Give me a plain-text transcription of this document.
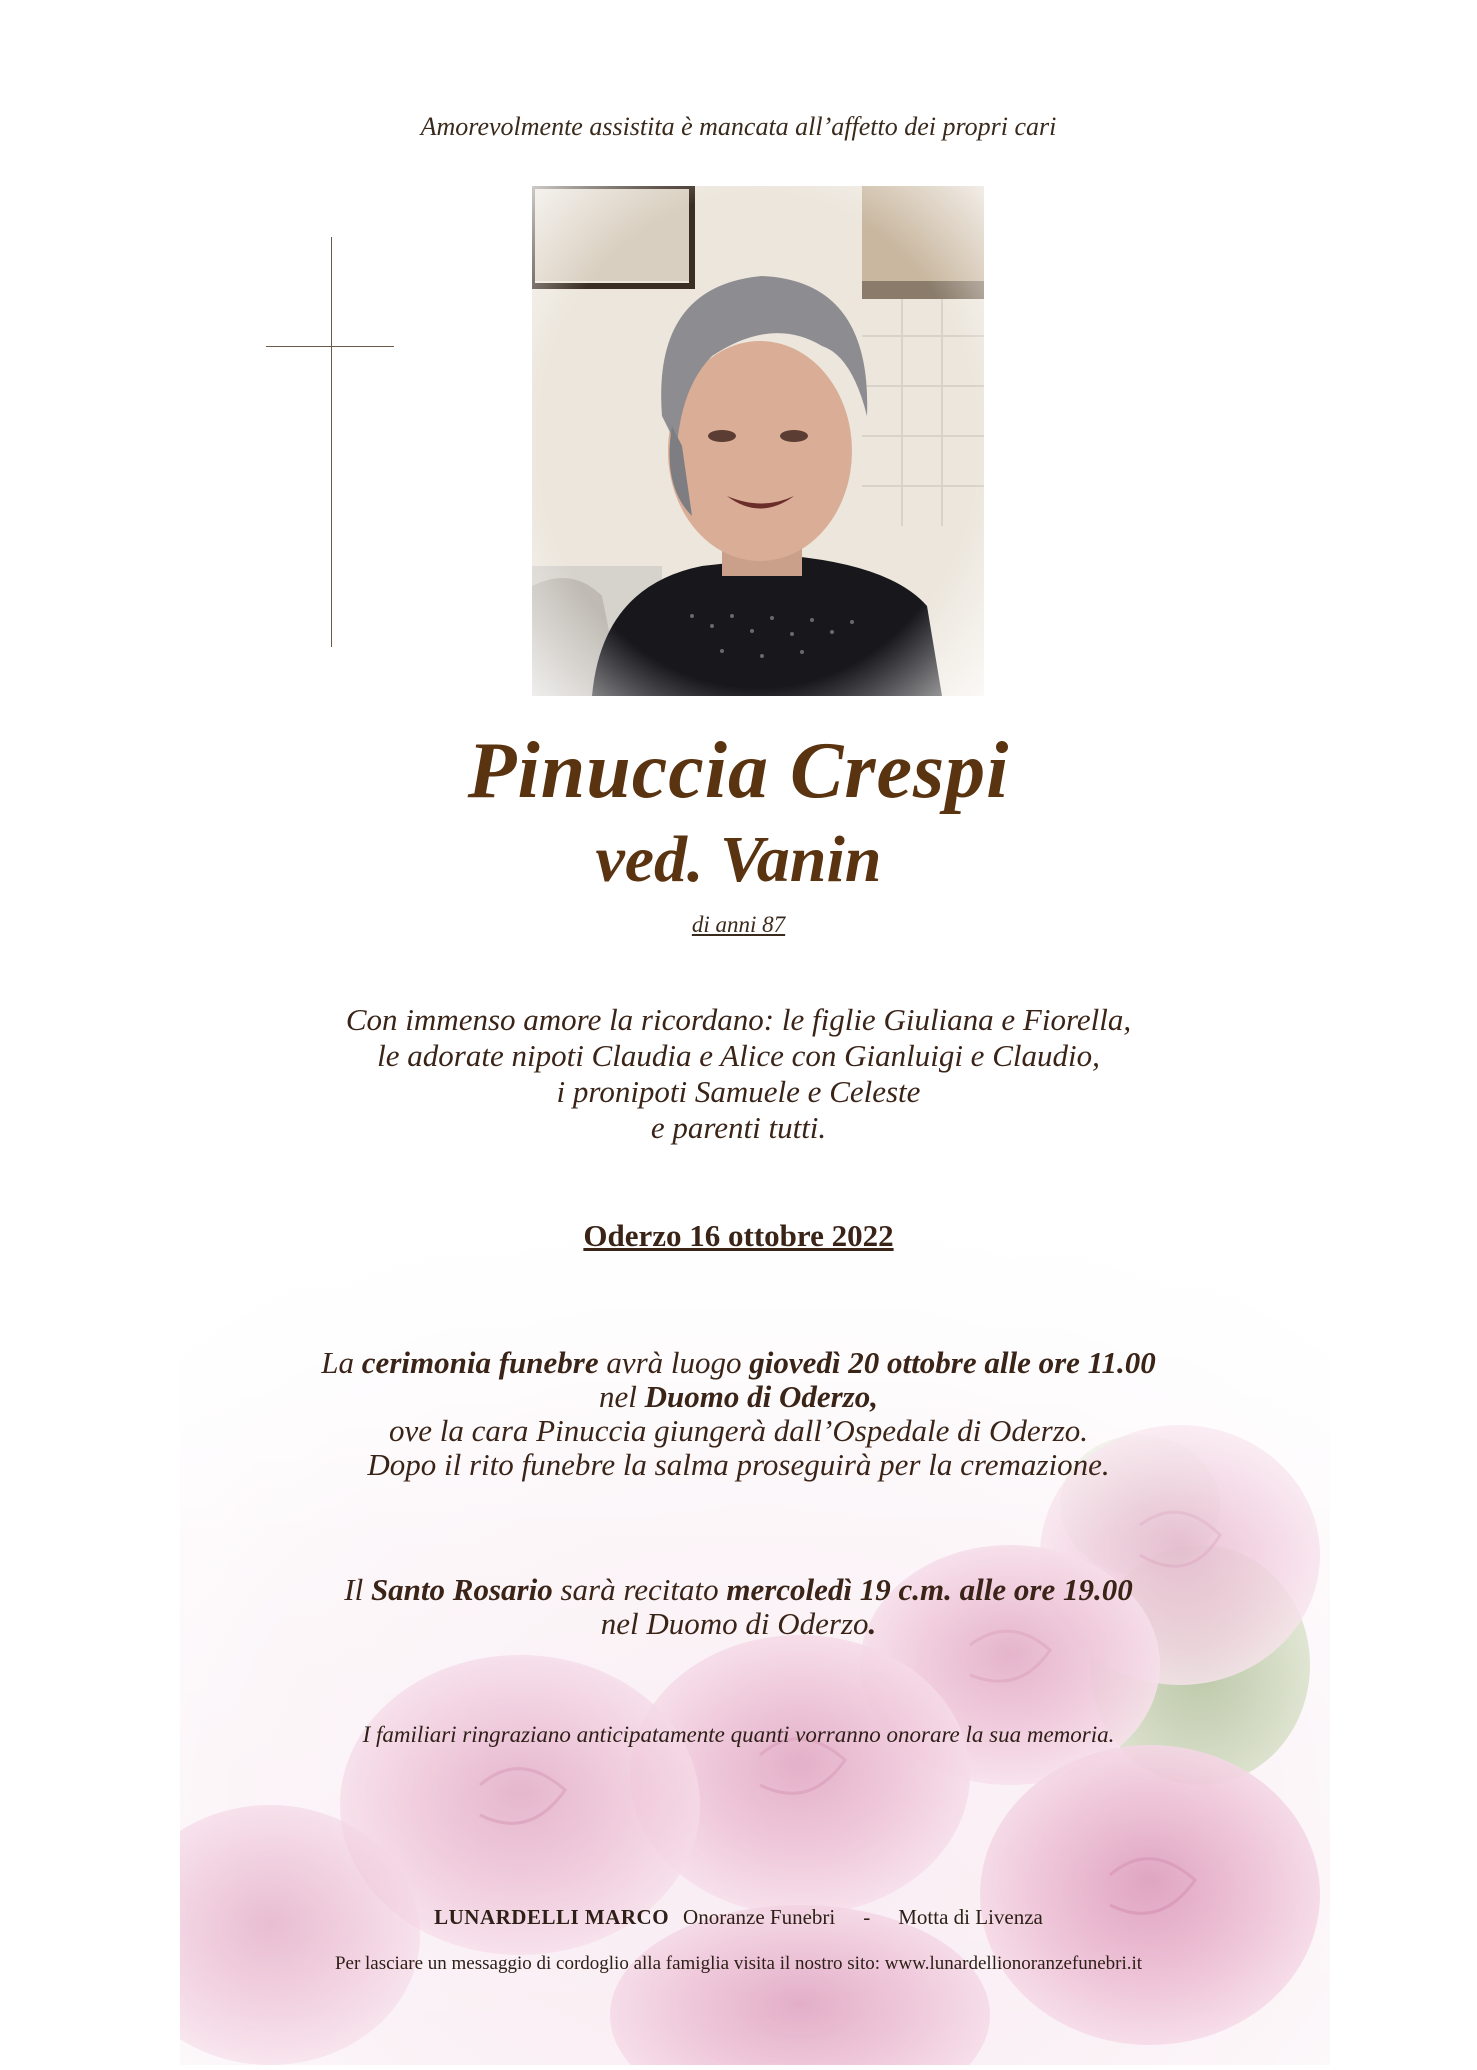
Amorevolmente assistita è mancata all’affetto dei propri cari
Pinuccia Crespi
ved. Vanin
di anni 87
Con immenso amore la ricordano: le figlie Giuliana e Fiorella,
le adorate nipoti Claudia e Alice con Gianluigi e Claudio,
i pronipoti Samuele e Celeste
e parenti tutti.
Oderzo 16 ottobre 2022
La cerimonia funebre avrà luogo giovedì 20 ottobre alle ore 11.00
nel Duomo di Oderzo,
ove la cara Pinuccia giungerà dall’Ospedale di Oderzo.
Dopo il rito funebre la salma proseguirà per la cremazione.
Il Santo Rosario sarà recitato mercoledì 19 c.m. alle ore 19.00
nel Duomo di Oderzo.
I familiari ringraziano anticipatamente quanti vorranno onorare la sua memoria.
LUNARDELLI MARCO Onoranze Funebri - Motta di Livenza
Per lasciare un messaggio di cordoglio alla famiglia visita il nostro sito: www.lunardellionoranzefunebri.it
